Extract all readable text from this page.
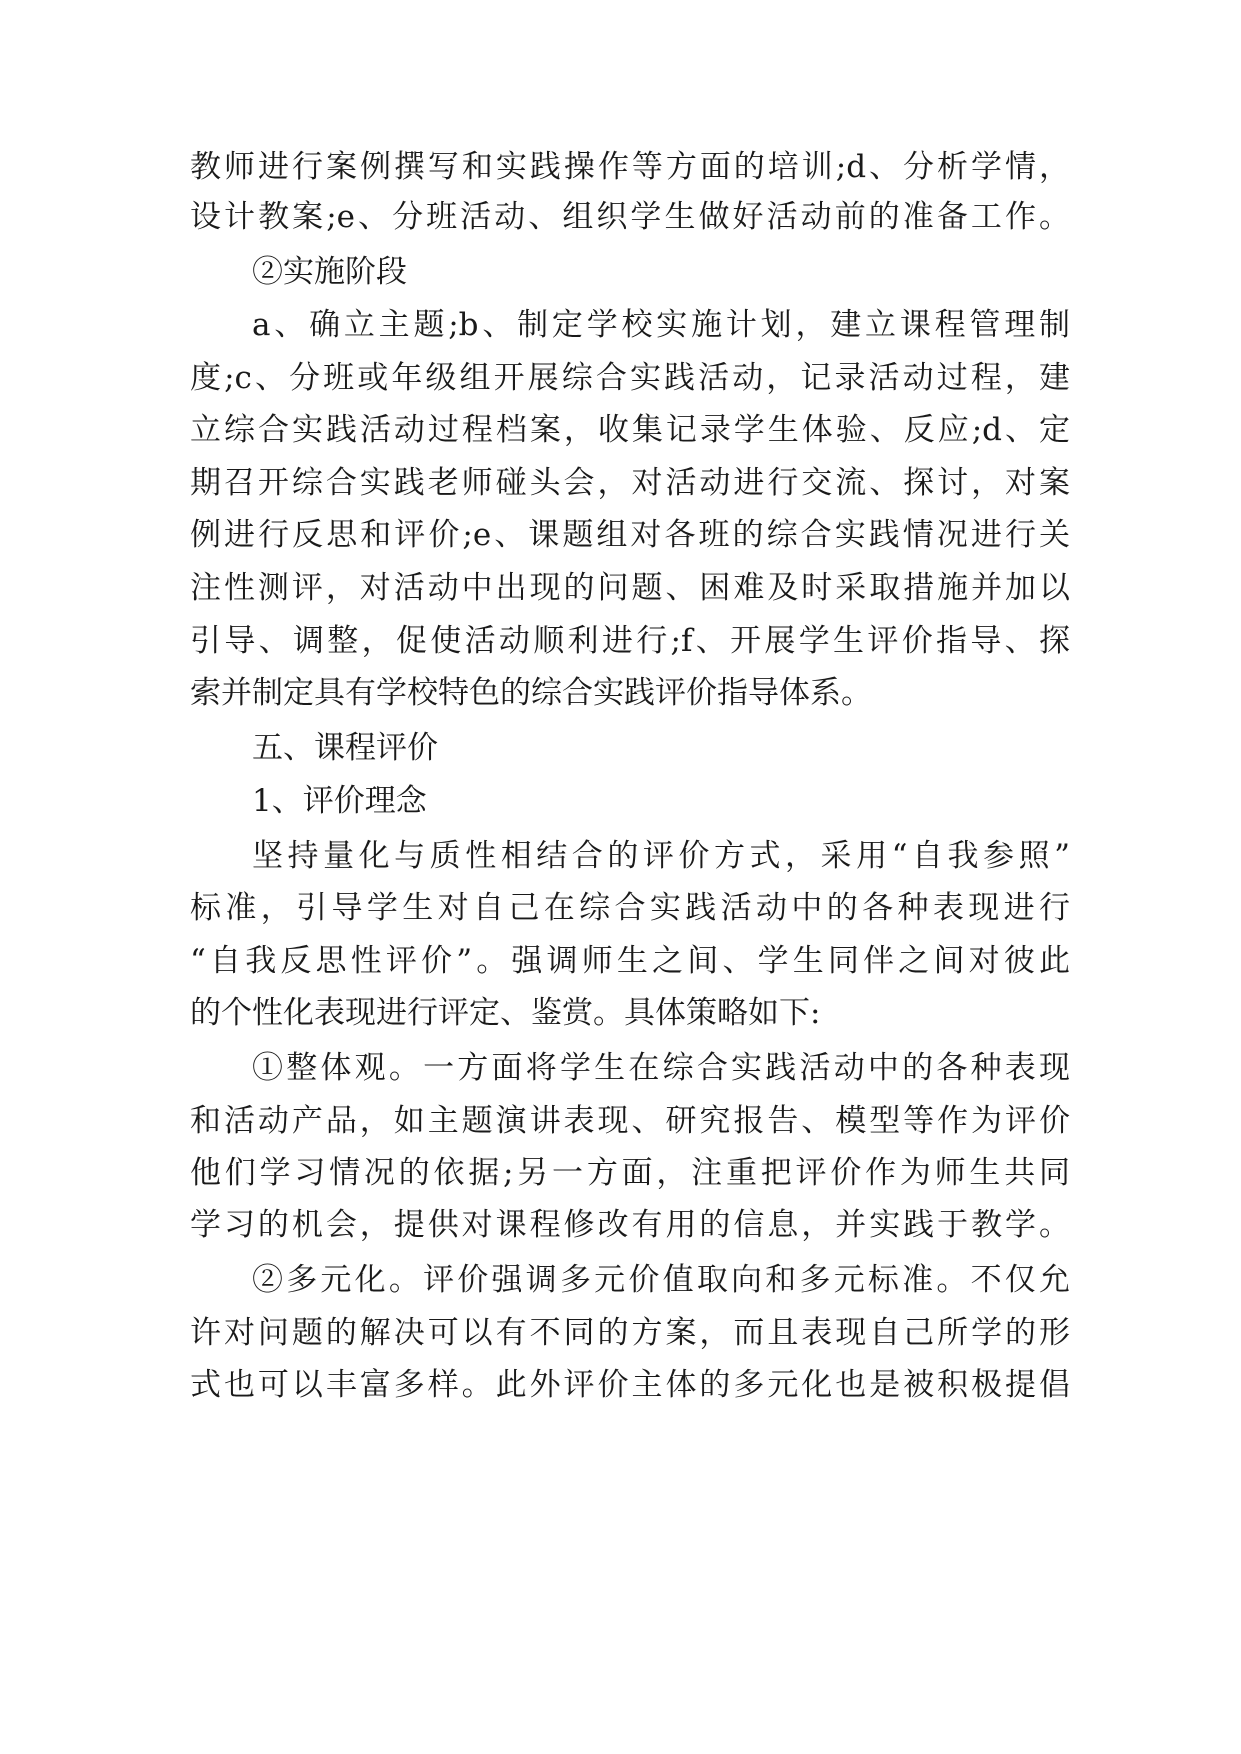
教师进行案例撰写和实践操作等方面的培训;d、分析学情，
设计教案;e、分班活动、组织学生做好活动前的准备工作。
②实施阶段
a、确立主题;b、制定学校实施计划，建立课程管理制
度;c、分班或年级组开展综合实践活动，记录活动过程，建
立综合实践活动过程档案，收集记录学生体验、反应;d、定
期召开综合实践老师碰头会，对活动进行交流、探讨，对案
例进行反思和评价;e、课题组对各班的综合实践情况进行关
注性测评，对活动中出现的问题、困难及时采取措施并加以
引导、调整，促使活动顺利进行;f、开展学生评价指导、探
索并制定具有学校特色的综合实践评价指导体系。
五、课程评价
1、评价理念
坚持量化与质性相结合的评价方式，采用“自我参照”
标准，引导学生对自己在综合实践活动中的各种表现进行
“自我反思性评价”。强调师生之间、学生同伴之间对彼此
的个性化表现进行评定、鉴赏。具体策略如下:
①整体观。一方面将学生在综合实践活动中的各种表现
和活动产品，如主题演讲表现、研究报告、模型等作为评价
他们学习情况的依据;另一方面，注重把评价作为师生共同
学习的机会，提供对课程修改有用的信息，并实践于教学。
②多元化。评价强调多元价值取向和多元标准。不仅允
许对问题的解决可以有不同的方案，而且表现自己所学的形
式也可以丰富多样。此外评价主体的多元化也是被积极提倡
